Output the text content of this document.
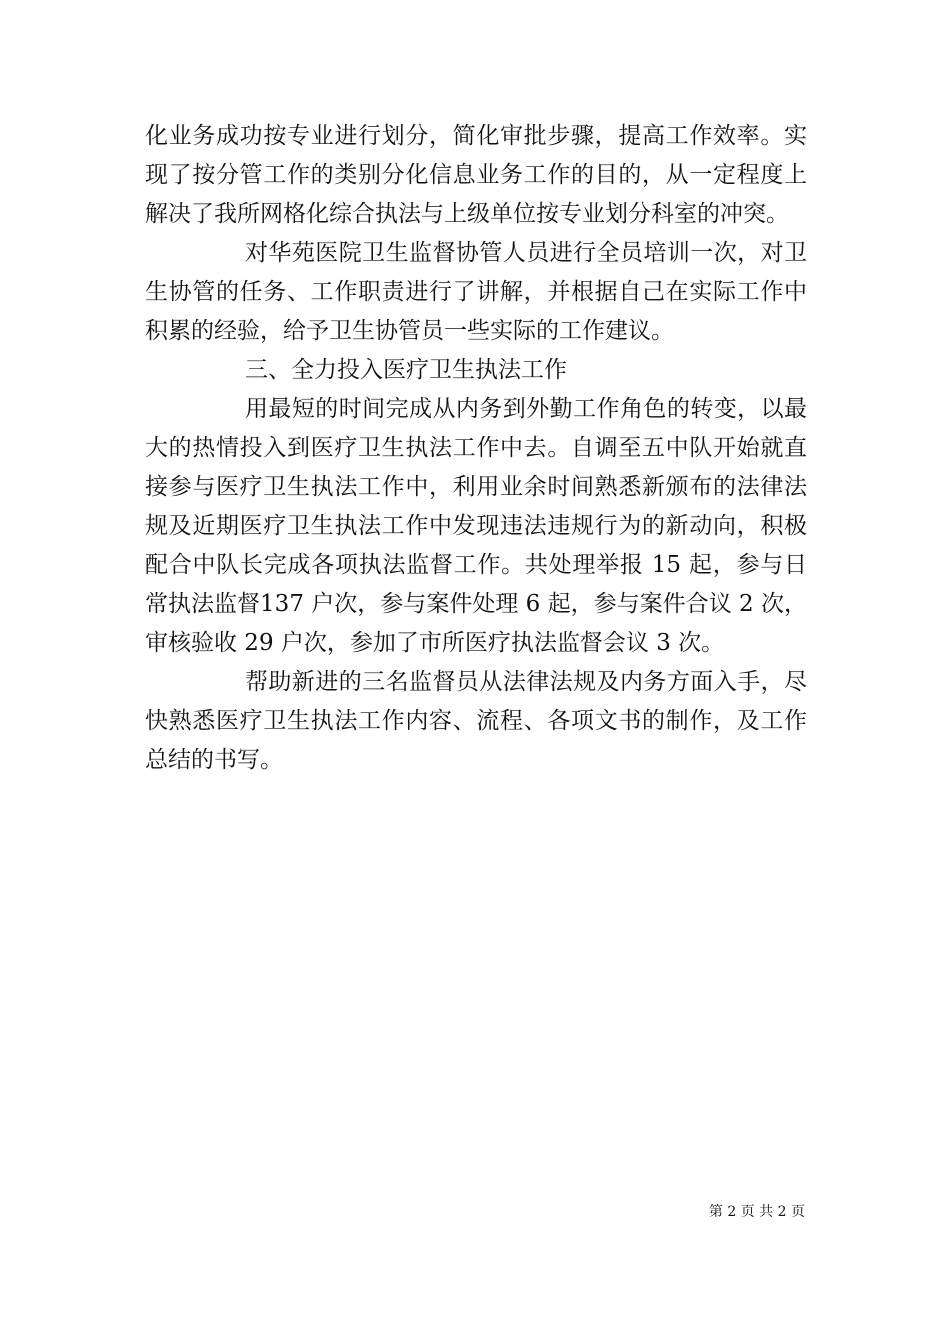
化业务成功按专业进行划分，简化审批步骤，提高工作效率。实现了按分管工作的类别分化信息业务工作的目的，从一定程度上解决了我所网格化综合执法与上级单位按专业划分科室的冲突。

对华苑医院卫生监督协管人员进行全员培训一次，对卫生协管的任务、工作职责进行了讲解，并根据自己在实际工作中积累的经验，给予卫生协管员一些实际的工作建议。

三、全力投入医疗卫生执法工作

用最短的时间完成从内务到外勤工作角色的转变，以最大的热情投入到医疗卫生执法工作中去。自调至五中队开始就直接参与医疗卫生执法工作中，利用业余时间熟悉新颁布的法律法规及近期医疗卫生执法工作中发现违法违规行为的新动向，积极配合中队长完成各项执法监督工作。共处理举报 15 起，参与日常执法监督137 户次，参与案件处理 6 起，参与案件合议 2 次，审核验收 29 户次，参加了市所医疗执法监督会议 3 次。

帮助新进的三名监督员从法律法规及内务方面入手，尽快熟悉医疗卫生执法工作内容、流程、各项文书的制作，及工作总结的书写。

第 2 页 共 2 页
